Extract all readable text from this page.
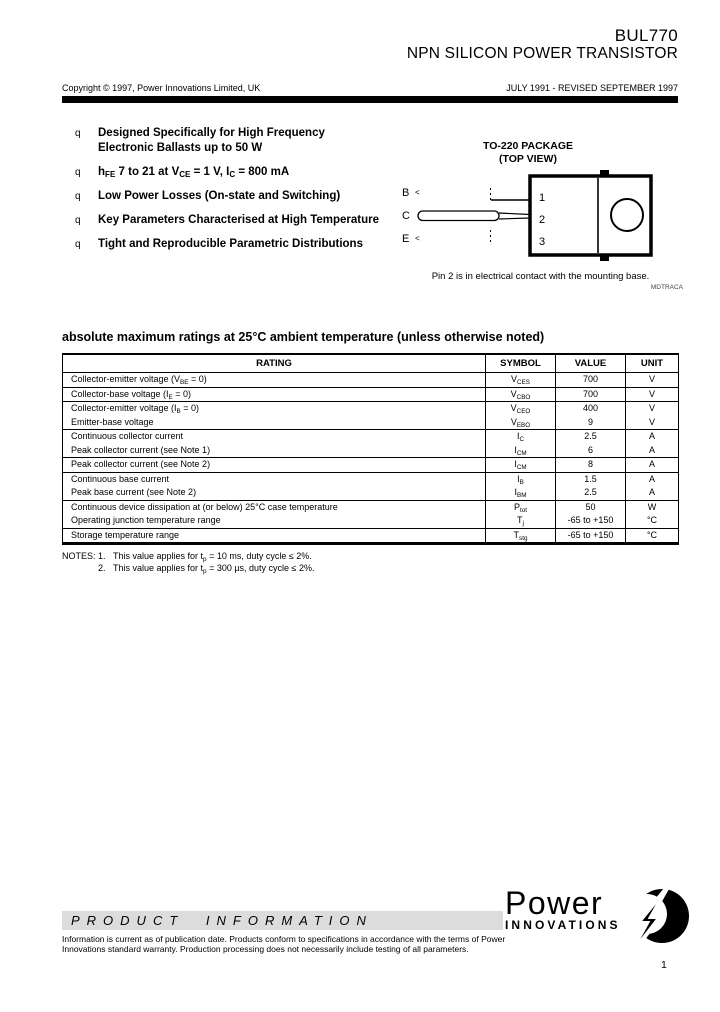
BUL770
NPN SILICON POWER TRANSISTOR
Copyright © 1997, Power Innovations Limited, UK	JULY 1991 - REVISED SEPTEMBER 1997
q	Designed Specifically for High Frequency Electronic Ballasts up to 50 W
q	$h_{FE}$ 7 to 21 at $V_{CE} = 1$ V, $I_C = 800$ mA
q	Low Power Losses (On-state and Switching)
q	Key Parameters Characterised at High Temperature
q	Tight and Reproducible Parametric Distributions
TO-220 PACKAGE
(TOP VIEW)
B
C
E
<
<
1
2
3
Pin 2 is in electrical contact with the mounting base.
MDTRACA
absolute maximum ratings at 25°C ambient temperature (unless otherwise noted)
RATING	SYMBOL	VALUE	UNIT
Collector-emitter voltage $(V_{BE} = 0)$	$V_{CES}$	700	V
Collector-base voltage $(I_E = 0)$	$V_{CBO}$	700	V
Collector-emitter voltage $(I_B = 0)$	$V_{CEO}$	400	V
Emitter-base voltage	$V_{EBO}$	9	V
Continuous collector current	$I_C$	2.5	A
Peak collector current (see Note 1)	$I_{CM}$	6	A
Peak collector current (see Note 2)	$I_{CM}$	8	A
Continuous base current	$I_B$	1.5	A
Peak base current (see Note 2)	$I_{BM}$	2.5	A
Continuous device dissipation at (or below) 25°C case temperature	$P_{tot}$	50	W
Operating junction temperature range	$T_j$	-65 to +150	°C
Storage temperature range	$T_{stg}$	-65 to +150	°C
NOTES: 1. This value applies for $t_p = 10$ ms, duty cycle ≤ 2%.
2. This value applies for $t_p = 300$ µs, duty cycle ≤ 2%.
PRODUCT INFORMATION
Information is current as of publication date. Products conform to specifications in accordance with the terms of Power Innovations standard warranty. Production processing does not necessarily include testing of all parameters.
Power
INNOVATIONS
1
